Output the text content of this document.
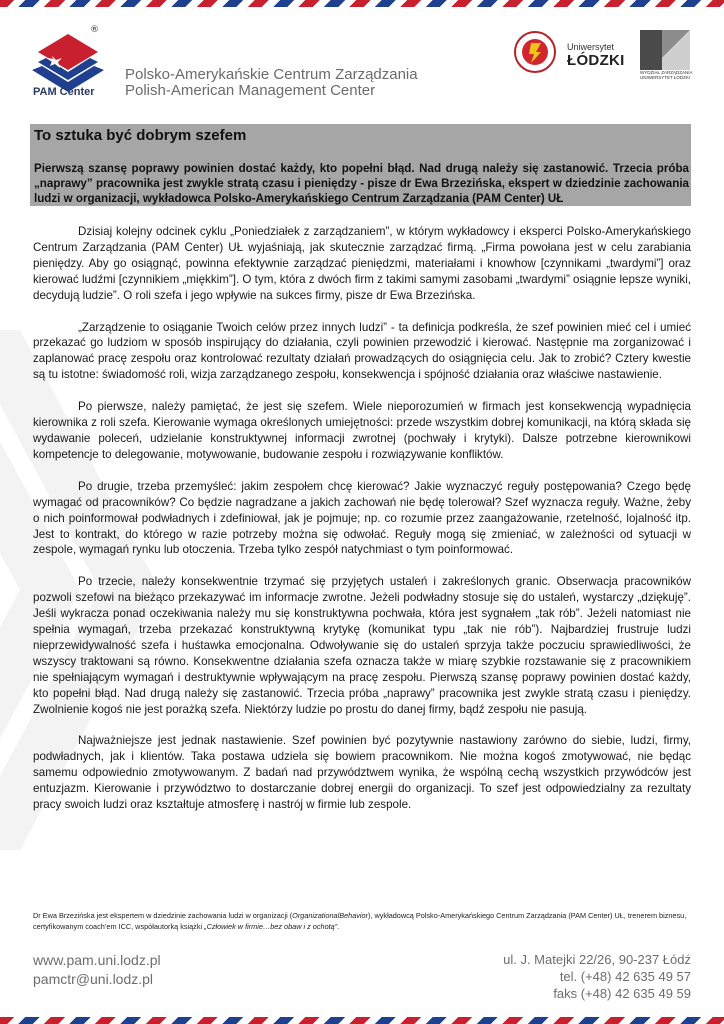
®
PAM Center
Polsko-Amerykańskie Centrum Zarządzania
Polish-American Management Center
Uniwersytet
ŁÓDZKI
WYDZIAŁ ZARZĄDZANIA UNIWERSYTET ŁÓDZKI
To sztuka być dobrym szefem
Pierwszą szansę poprawy powinien dostać każdy, kto popełni błąd. Nad drugą należy się zastanowić. Trzecia próba „naprawy” pracownika jest zwykle stratą czasu i pieniędzy - pisze dr Ewa Brzezińska, ekspert w dziedzinie zachowania ludzi w organizacji, wykładowca Polsko-Amerykańskiego Centrum Zarządzania (PAM Center) UŁ

Dzisiaj kolejny odcinek cyklu „Poniedziałek z zarządzaniem”, w którym wykładowcy i eksperci Polsko-Amerykańskiego Centrum Zarządzania (PAM Center) UŁ wyjaśniają, jak skutecznie zarządzać firmą. „Firma powołana jest w celu zarabiania pieniędzy. Aby go osiągnąć, powinna efektywnie zarządzać pieniędzmi, materiałami i knowhow [czynnikami „twardymi”] oraz kierować ludźmi [czynnikiem „miękkim”]. O tym, która z dwóch firm z takimi samymi zasobami „twardymi” osiągnie lepsze wyniki, decydują ludzie”. O roli szefa i jego wpływie na sukces firmy, pisze dr Ewa Brzezińska.

„Zarządzenie to osiąganie Twoich celów przez innych ludzi” - ta definicja podkreśla, że szef powinien mieć cel i umieć przekazać go ludziom w sposób inspirujący do działania, czyli powinien przewodzić i kierować. Następnie ma zorganizować i zaplanować pracę zespołu oraz kontrolować rezultaty działań prowadzących do osiągnięcia celu. Jak to zrobić? Cztery kwestie są tu istotne: świadomość roli, wizja zarządzanego zespołu, konsekwencja i spójność działania oraz właściwe nastawienie.

Po pierwsze, należy pamiętać, że jest się szefem. Wiele nieporozumień w firmach jest konsekwencją wypadnięcia kierownika z roli szefa. Kierowanie wymaga określonych umiejętności: przede wszystkim dobrej komunikacji, na którą składa się wydawanie poleceń, udzielanie konstruktywnej informacji zwrotnej (pochwały i krytyki). Dalsze potrzebne kierownikowi kompetencje to delegowanie, motywowanie, budowanie zespołu i rozwiązywanie konfliktów.

Po drugie, trzeba przemyśleć: jakim zespołem chcę kierować? Jakie wyznaczyć reguły postępowania? Czego będę wymagać od pracowników? Co będzie nagradzane a jakich zachowań nie będę tolerował? Szef wyznacza reguły. Ważne, żeby o nich poinformował podwładnych i zdefiniował, jak je pojmuje; np. co rozumie przez zaangażowanie, rzetelność, lojalność itp. Jest to kontrakt, do którego w razie potrzeby można się odwołać. Reguły mogą się zmieniać, w zależności od sytuacji w zespole, wymagań rynku lub otoczenia. Trzeba tylko zespół natychmiast o tym poinformować.

Po trzecie, należy konsekwentnie trzymać się przyjętych ustaleń i zakreślonych granic. Obserwacja pracowników pozwoli szefowi na bieżąco przekazywać im informacje zwrotne. Jeżeli podwładny stosuje się do ustaleń, wystarczy „dziękuję”. Jeśli wykracza ponad oczekiwania należy mu się konstruktywna pochwała, która jest sygnałem „tak rób”. Jeżeli natomiast nie spełnia wymagań, trzeba przekazać konstruktywną krytykę (komunikat typu „tak nie rób”). Najbardziej frustruje ludzi nieprzewidywalność szefa i huśtawka emocjonalna. Odwoływanie się do ustaleń sprzyja także poczuciu sprawiedliwości, że wszyscy traktowani są równo. Konsekwentne działania szefa oznacza także w miarę szybkie rozstawanie się z pracownikiem nie spełniającym wymagań i destruktywnie wpływającym na pracę zespołu. Pierwszą szansę poprawy powinien dostać każdy, kto popełni błąd. Nad drugą należy się zastanowić. Trzecia próba „naprawy” pracownika jest zwykle stratą czasu i pieniędzy. Zwolnienie kogoś nie jest porażką szefa. Niektórzy ludzie po prostu do danej firmy, bądź zespołu nie pasują.

Najważniejsze jest jednak nastawienie. Szef powinien być pozytywnie nastawiony zarówno do siebie, ludzi, firmy, podwładnych, jak i klientów. Taka postawa udziela się bowiem pracownikom. Nie można kogoś zmotywować, nie będąc samemu odpowiednio zmotywowanym. Z badań nad przywództwem wynika, że wspólną cechą wszystkich przywódców jest entuzjazm. Kierowanie i przywództwo to dostarczanie dobrej energii do organizacji. To szef jest odpowiedzialny za rezultaty pracy swoich ludzi oraz kształtuje atmosferę i nastrój w firmie lub zespole.

Dr Ewa Brzezińska jest ekspertem w dziedzinie zachowania ludzi w organizacji (OrganizationalBehavior), wykładowcą Polsko-Amerykańskiego Centrum Zarządzania (PAM Center) UŁ, trenerem biznesu, certyfikowanym coach’em ICC, współautorką książki „Człowiek w firmie…bez obaw i z ochotą”.
www.pam.uni.lodz.pl
pamctr@uni.lodz.pl
ul. J. Matejki 22/26, 90-237 Łódź
tel. (+48) 42 635 49 57
faks (+48) 42 635 49 59
